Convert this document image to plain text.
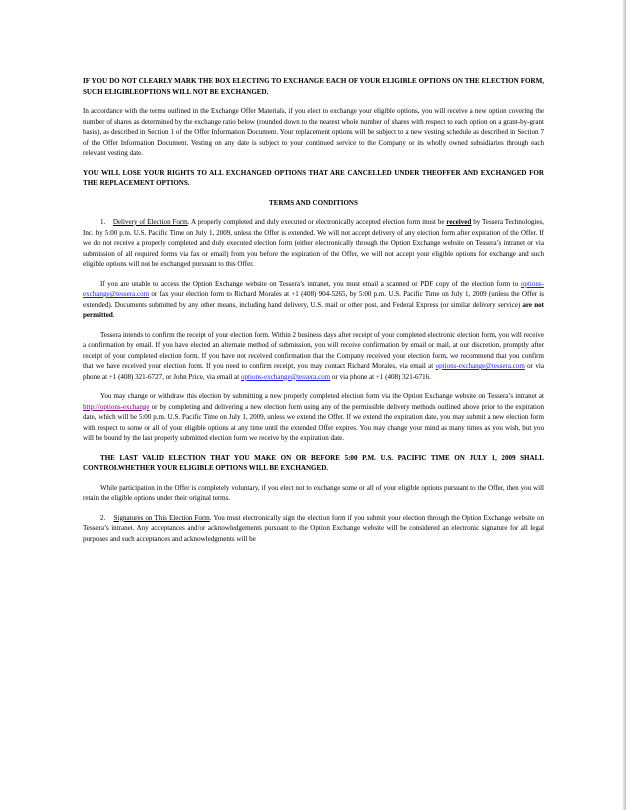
IF YOU DO NOT CLEARLY MARK THE BOX ELECTING TO EXCHANGE EACH OF YOUR ELIGIBLE OPTIONS ON THE ELECTION FORM, SUCH ELIGIBLEOPTIONS WILL NOT BE EXCHANGED.

In accordance with the terms outlined in the Exchange Offer Materials, if you elect to exchange your eligible options, you will receive a new option covering the number of shares as determined by the exchange ratio below (rounded down to the nearest whole number of shares with respect to each option on a grant-by-grant basis), as described in Section 1 of the Offer Information Document. Your replacement options will be subject to a new vesting schedule as described in Section 7 of the Offer Information Document. Vesting on any date is subject to your continued service to the Company or its wholly owned subsidiaries through each relevant vesting date.

YOU WILL LOSE YOUR RIGHTS TO ALL EXCHANGED OPTIONS THAT ARE CANCELLED UNDER THEOFFER AND EXCHANGED FOR THE REPLACEMENT OPTIONS.

TERMS AND CONDITIONS

1. Delivery of Election Form. A properly completed and duly executed or electronically accepted election form must be received by Tessera Technologies, Inc. by 5:00 p.m. U.S. Pacific Time on July 1, 2009, unless the Offer is extended. We will not accept delivery of any election form after expiration of the Offer. If we do not receive a properly completed and duly executed election form (either electronically through the Option Exchange website on Tessera’s intranet or via submission of all required forms via fax or email) from you before the expiration of the Offer, we will not accept your eligible options for exchange and such eligible options will not be exchanged pursuant to this Offer.

If you are unable to access the Option Exchange website on Tessera’s intranet, you must email a scanned or PDF copy of the election form to options-exchange@tessera.com or fax your election form to Richard Morales at +1 (408) 904-5265, by 5:00 p.m. U.S. Pacific Time on July 1, 2009 (unless the Offer is extended). Documents submitted by any other means, including hand delivery, U.S. mail or other post, and Federal Express (or similar delivery service) are not permitted.

Tessera intends to confirm the receipt of your election form. Within 2 business days after receipt of your completed electronic election form, you will receive a confirmation by email. If you have elected an alternate method of submission, you will receive confirmation by email or mail, at our discretion, promptly after receipt of your completed election form. If you have not received confirmation that the Company received your election form, we recommend that you confirm that we have received your election form. If you need to confirm receipt, you may contact Richard Morales, via email at options-exchange@tessera.com or via phone at +1 (408) 321-6727, or John Price, via email at options-exchange@tessera.com or via phone at +1 (408) 321-6716.

You may change or withdraw this election by submitting a new properly completed election form via the Option Exchange website on Tessera’s intranet at http://options-exchange or by completing and delivering a new election form using any of the permissible delivery methods outlined above prior to the expiration date, which will be 5:00 p.m. U.S. Pacific Time on July 1, 2009, unless we extend the Offer. If we extend the expiration date, you may submit a new election form with respect to some or all of your eligible options at any time until the extended Offer expires. You may change your mind as many times as you wish, but you will be bound by the last properly submitted election form we receive by the expiration date.

THE LAST VALID ELECTION THAT YOU MAKE ON OR BEFORE 5:00 P.M. U.S. PACIFIC TIME ON JULY 1, 2009 SHALL CONTROLWHETHER YOUR ELIGIBLE OPTIONS WILL BE EXCHANGED.

While participation in the Offer is completely voluntary, if you elect not to exchange some or all of your eligible options pursuant to the Offer, then you will retain the eligible options under their original terms.

2. Signatures on This Election Form. You must electronically sign the election form if you submit your election through the Option Exchange website on Tessera’s intranet. Any acceptances and/or acknowledgements pursuant to the Option Exchange website will be considered an electronic signature for all legal purposes and such acceptances and acknowledgments will be
